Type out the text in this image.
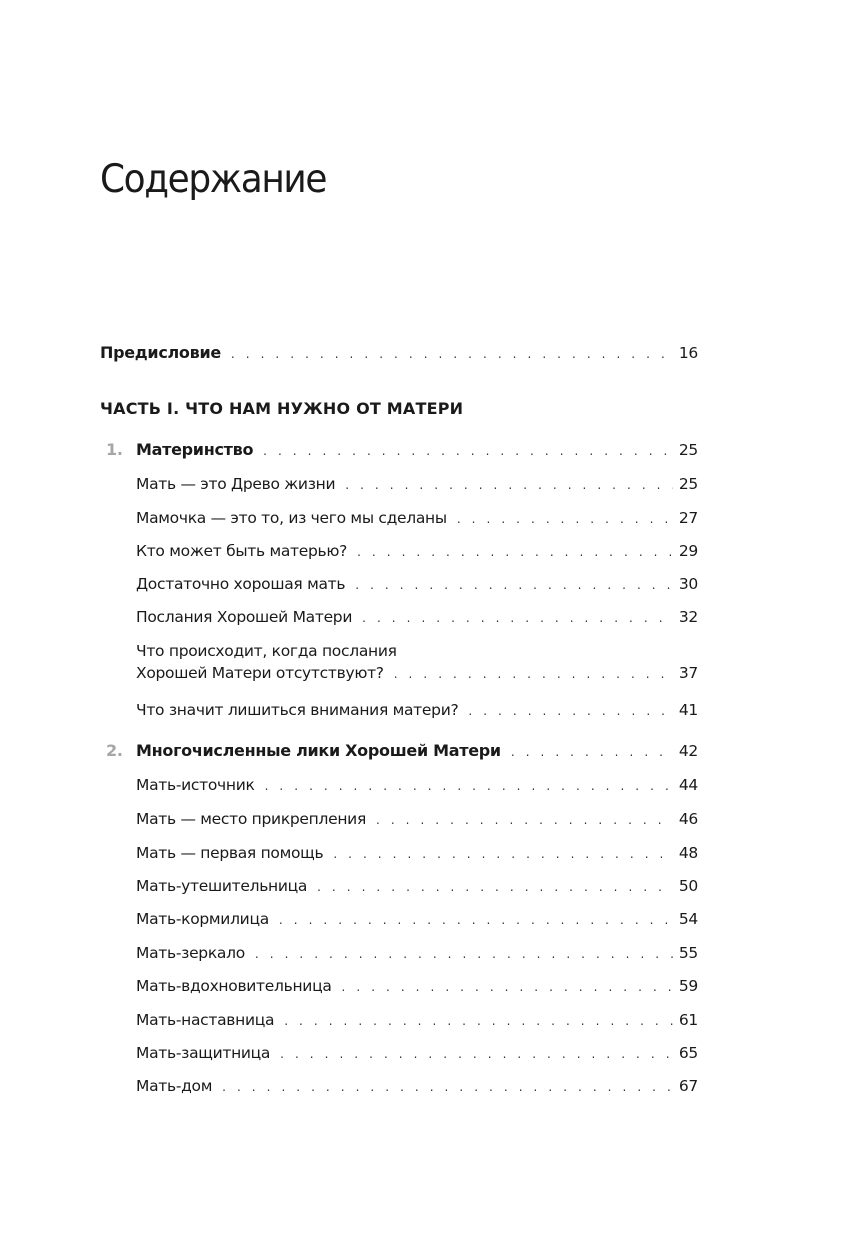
Содержание
Предисловие . . .	16
ЧАСТЬ I. ЧТО НАМ НУЖНО ОТ МАТЕРИ
1. Материнство . . .	25
Мать — это Древо жизни . . .	25
Мамочка — это то, из чего мы сделаны . . .	27
Кто может быть матерью? . . .	29
Достаточно хорошая мать . . .	30
Послания Хорошей Матери . . .	32
Что происходит, когда послания
Хорошей Матери отсутствуют? . . .	37
Что значит лишиться внимания матери? . . .	41
2. Многочисленные лики Хорошей Матери . . .	42
Мать-источник . . .	44
Мать — место прикрепления . . .	46
Мать — первая помощь . . .	48
Мать-утешительница . . .	50
Мать-кормилица . . .	54
Мать-зеркало . . .	55
Мать-вдохновительница . . .	59
Мать-наставница . . .	61
Мать-защитница . . .	65
Мать-дом . . .	67
